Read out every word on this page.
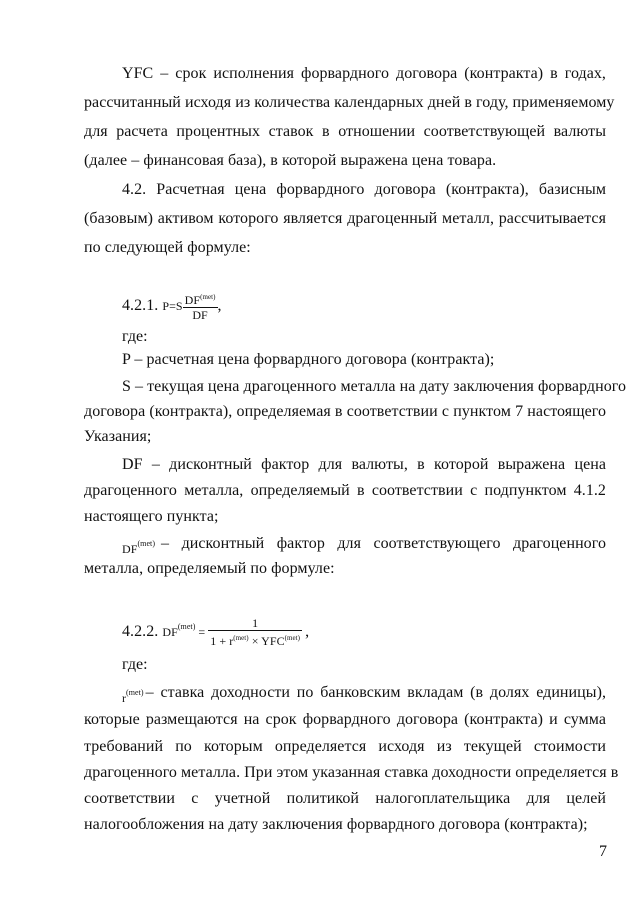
YFC – срок исполнения форвардного договора (контракта) в годах,
рассчитанный исходя из количества календарных дней в году, применяемому
для расчета процентных ставок в отношении соответствующей валюты
(далее – финансовая база), в которой выражена цена товара.
4.2. Расчетная цена форвардного договора (контракта), базисным
(базовым) активом которого является драгоценный металл, рассчитывается
по следующей формуле:
4.2.1. $P=S \frac{DF^{(met)}}{DF}$ ,
где:
P – расчетная цена форвардного договора (контракта);
S – текущая цена драгоценного металла на дату заключения форвардного
договора (контракта), определяемая в соответствии с пунктом 7 настоящего
Указания;
DF – дисконтный фактор для валюты, в которой выражена цена
драгоценного металла, определяемый в соответствии с подпунктом 4.1.2
настоящего пункта;
$DF^{(met)}$ – дисконтный фактор для соответствующего драгоценного
металла, определяемый по формуле:
4.2.2. $DF^{(met)} = \frac{1}{1 + r^{(met)} \times YFC^{(met)}}$ ,
где:
$r^{(met)}$ – ставка доходности по банковским вкладам (в долях единицы),
которые размещаются на срок форвардного договора (контракта) и сумма
требований по которым определяется исходя из текущей стоимости
драгоценного металла. При этом указанная ставка доходности определяется в
соответствии с учетной политикой налогоплательщика для целей
налогообложения на дату заключения форвардного договора (контракта);
7
